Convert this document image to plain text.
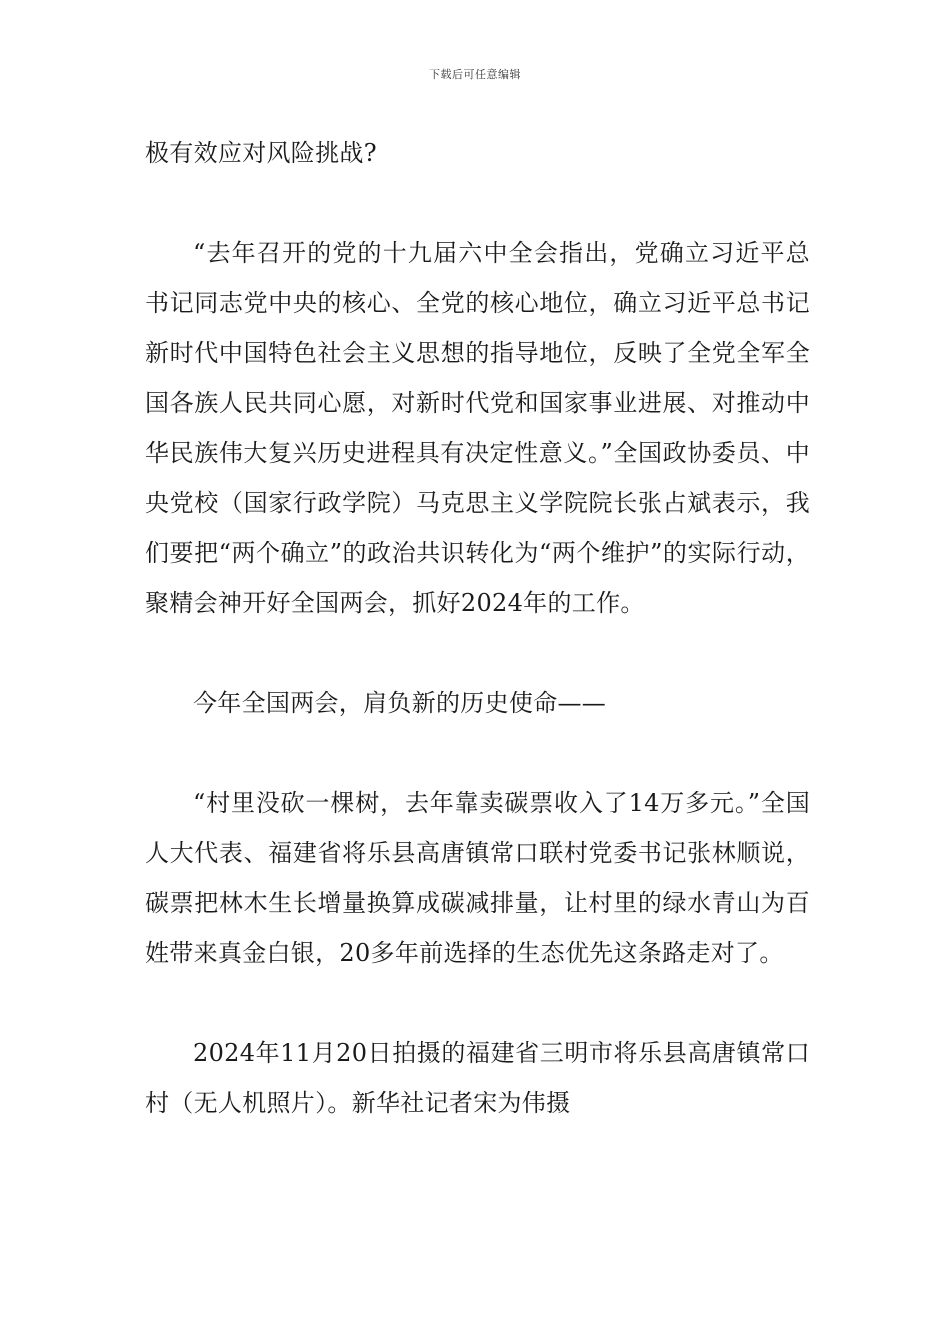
下载后可任意编辑

极有效应对风险挑战?

“去年召开的党的十九届六中全会指出，党确立习近平总书记同志党中央的核心、全党的核心地位，确立习近平总书记新时代中国特色社会主义思想的指导地位，反映了全党全军全国各族人民共同心愿，对新时代党和国家事业进展、对推动中华民族伟大复兴历史进程具有决定性意义。”全国政协委员、中央党校（国家行政学院）马克思主义学院院长张占斌表示，我们要把“两个确立”的政治共识转化为“两个维护”的实际行动，聚精会神开好全国两会，抓好2024年的工作。

今年全国两会，肩负新的历史使命——

“村里没砍一棵树，去年靠卖碳票收入了14万多元。”全国人大代表、福建省将乐县高唐镇常口联村党委书记张林顺说，碳票把林木生长增量换算成碳减排量，让村里的绿水青山为百姓带来真金白银，20多年前选择的生态优先这条路走对了。

2024年11月20日拍摄的福建省三明市将乐县高唐镇常口村（无人机照片）。新华社记者宋为伟摄
